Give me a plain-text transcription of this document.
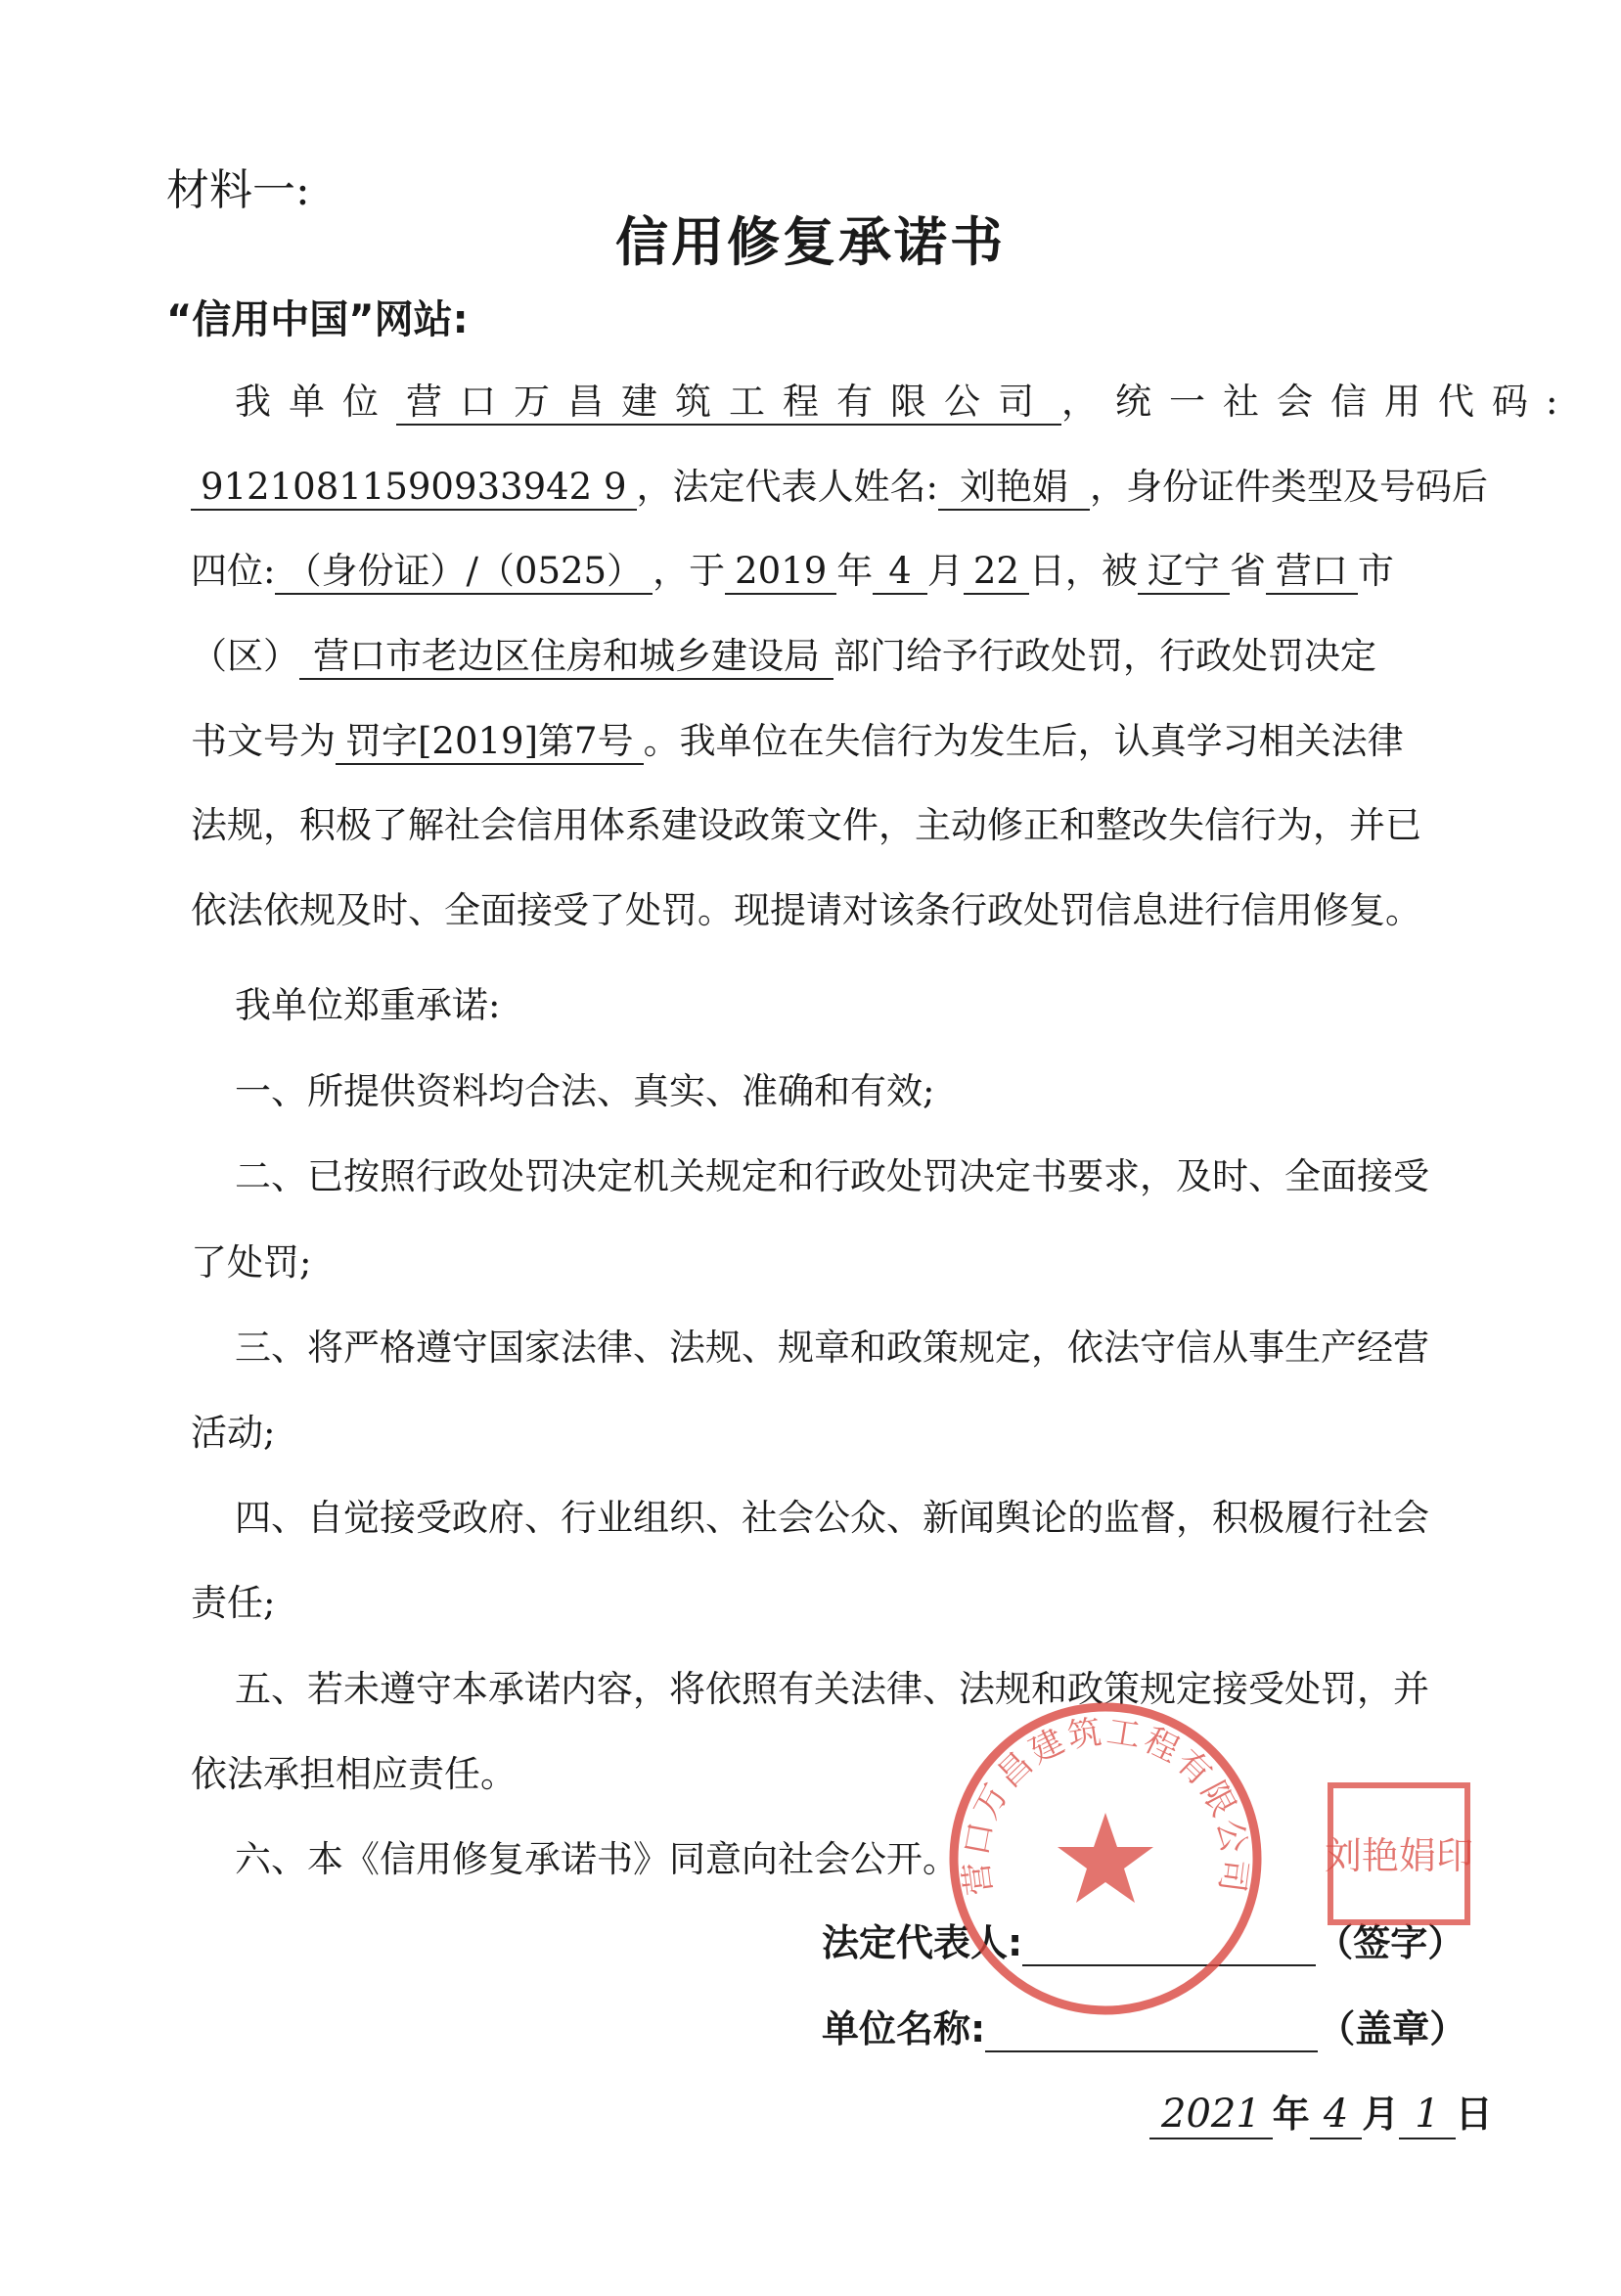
材料一:
信用修复承诺书
“信用中国”网站:
我单位 营口万昌建筑工程有限公司 ，统一社会信用代码:
91210811590933942 9 ，法定代表人姓名: 刘艳娟 ，身份证件类型及号码后
四位: （身份证）/（0525） ，于 2019 年 4 月 22 日，被 辽宁 省 营口 市
（区） 营口市老边区住房和城乡建设局 部门给予行政处罚，行政处罚决定
书文号为 罚字[2019]第7号 。我单位在失信行为发生后，认真学习相关法律
法规，积极了解社会信用体系建设政策文件，主动修正和整改失信行为，并已
依法依规及时、全面接受了处罚。现提请对该条行政处罚信息进行信用修复。
我单位郑重承诺:
一、所提供资料均合法、真实、准确和有效;
二、已按照行政处罚决定机关规定和行政处罚决定书要求，及时、全面接受
了处罚;
三、将严格遵守国家法律、法规、规章和政策规定，依法守信从事生产经营
活动;
四、自觉接受政府、行业组织、社会公众、新闻舆论的监督，积极履行社会
责任;
五、若未遵守本承诺内容，将依照有关法律、法规和政策规定接受处罚，并
依法承担相应责任。
六、本《信用修复承诺书》同意向社会公开。
法定代表人:	（签字）
单位名称:	（盖章）
2021 年 4 月 1 日
营口万昌建筑工程有限公司 刘艳娟印
